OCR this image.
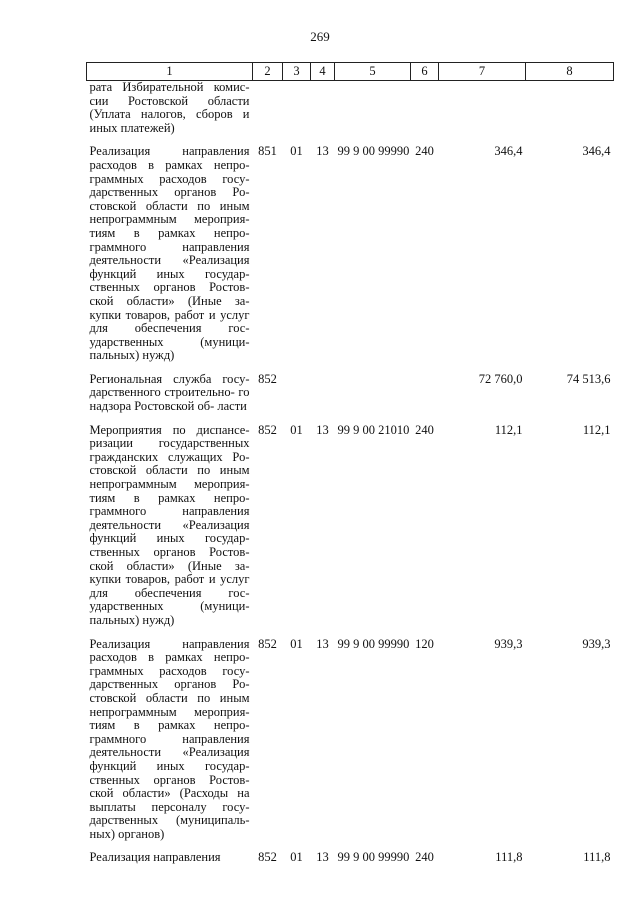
269
1	2	3	4	5	6	7	8
рата Избирательной комис- сии Ростовской области (Уплата налогов, сборов и иных платежей)							

Реализация направления расходов в рамках непро- граммных расходов госу- дарственных органов Ро- стовской области по иным непрограммным мероприя- тиям в рамках непро- граммного направления деятельности «Реализация функций иных государ- ственных органов Ростов- ской области» (Иные за- купки товаров, работ и услуг для обеспечения гос- ударственных (муници- пальных) нужд)	851	01	13	99 9 00 99990	240	346,4	346,4

Региональная служба госу- дарственного строительно- го надзора Ростовской об- ласти	852					72 760,0	74 513,6

Мероприятия по диспансе- ризации государственных гражданских служащих Ро- стовской области по иным непрограммным мероприя- тиям в рамках непро- граммного направления деятельности «Реализация функций иных государ- ственных органов Ростов- ской области» (Иные за- купки товаров, работ и услуг для обеспечения гос- ударственных (муници- пальных) нужд)	852	01	13	99 9 00 21010	240	112,1	112,1

Реализация направления расходов в рамках непро- граммных расходов госу- дарственных органов Ро- стовской области по иным непрограммным мероприя- тиям в рамках непро- граммного направления деятельности «Реализация функций иных государ- ственных органов Ростов- ской области» (Расходы на выплаты персоналу госу- дарственных (муниципаль- ных) органов)	852	01	13	99 9 00 99990	120	939,3	939,3

Реализация направления	852	01	13	99 9 00 99990	240	111,8	111,8
